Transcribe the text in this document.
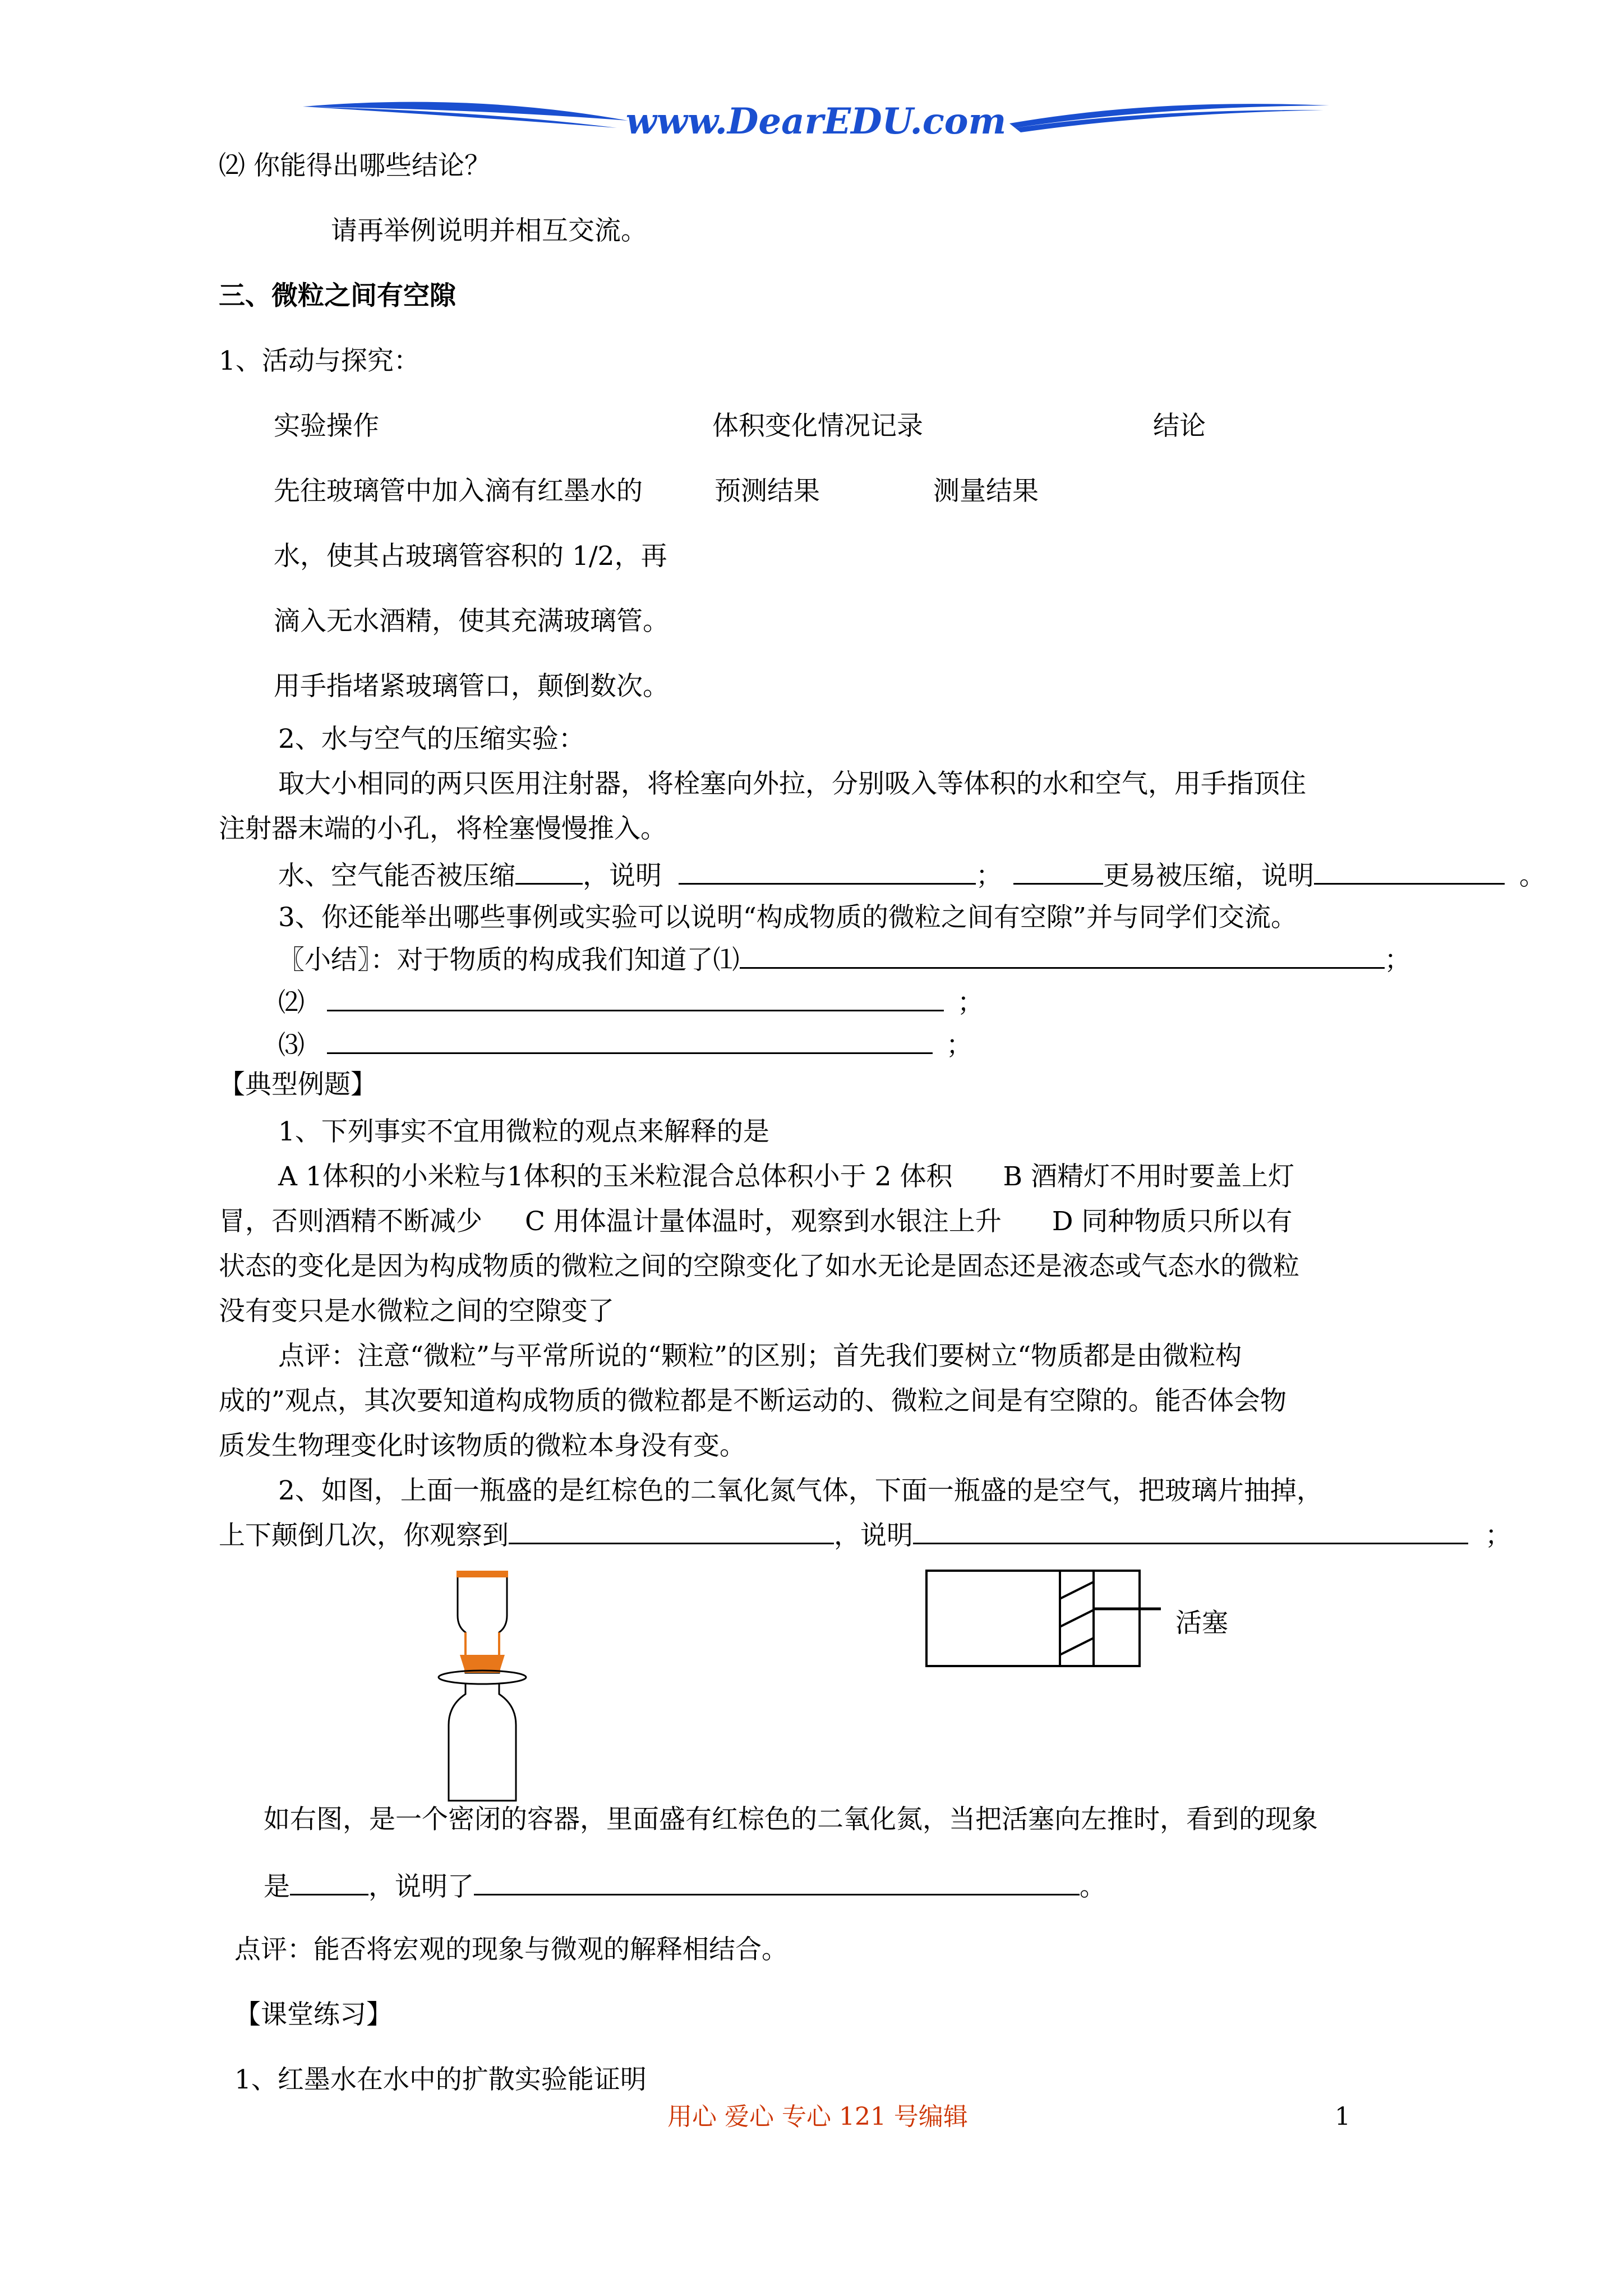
www.DearEDU.com
⑵ 你能得出哪些结论？
请再举例说明并相互交流。
三、微粒之间有空隙
1、活动与探究：
实验操作	体积变化情况记录	结论
先往玻璃管中加入滴有红墨水的	预测结果	测量结果
水，使其占玻璃管容积的 1/2，再
滴入无水酒精，使其充满玻璃管。
用手指堵紧玻璃管口，颠倒数次。
2、水与空气的压缩实验：
取大小相同的两只医用注射器，将栓塞向外拉，分别吸入等体积的水和空气，用手指顶住
注射器末端的小孔，将栓塞慢慢推入。
水、空气能否被压缩	，说明	；	更易被压缩，说明	。
3、你还能举出哪些事例或实验可以说明“构成物质的微粒之间有空隙”并与同学们交流。
〖小结〗：对于物质的构成我们知道了⑴	；
⑵	；
⑶	；
【典型例题】
1、下列事实不宜用微粒的观点来解释的是
A 1体积的小米粒与1体积的玉米粒混合总体积小于 2 体积 B 酒精灯不用时要盖上灯
冒，否则酒精不断减少 C 用体温计量体温时，观察到水银注上升 D 同种物质只所以有
状态的变化是因为构成物质的微粒之间的空隙变化了如水无论是固态还是液态或气态水的微粒
没有变只是水微粒之间的空隙变了
点评：注意“微粒”与平常所说的“颗粒”的区别；首先我们要树立“物质都是由微粒构
成的”观点，其次要知道构成物质的微粒都是不断运动的、微粒之间是有空隙的。能否体会物
质发生物理变化时该物质的微粒本身没有变。
2、如图，上面一瓶盛的是红棕色的二氧化氮气体，下面一瓶盛的是空气，把玻璃片抽掉，
上下颠倒几次，你观察到	，说明	；
活塞
如右图，是一个密闭的容器，里面盛有红棕色的二氧化氮，当把活塞向左推时，看到的现象
是	，说明了	。
点评：能否将宏观的现象与微观的解释相结合。
【课堂练习】
1、红墨水在水中的扩散实验能证明
用心 爱心 专心 121 号编辑	1
